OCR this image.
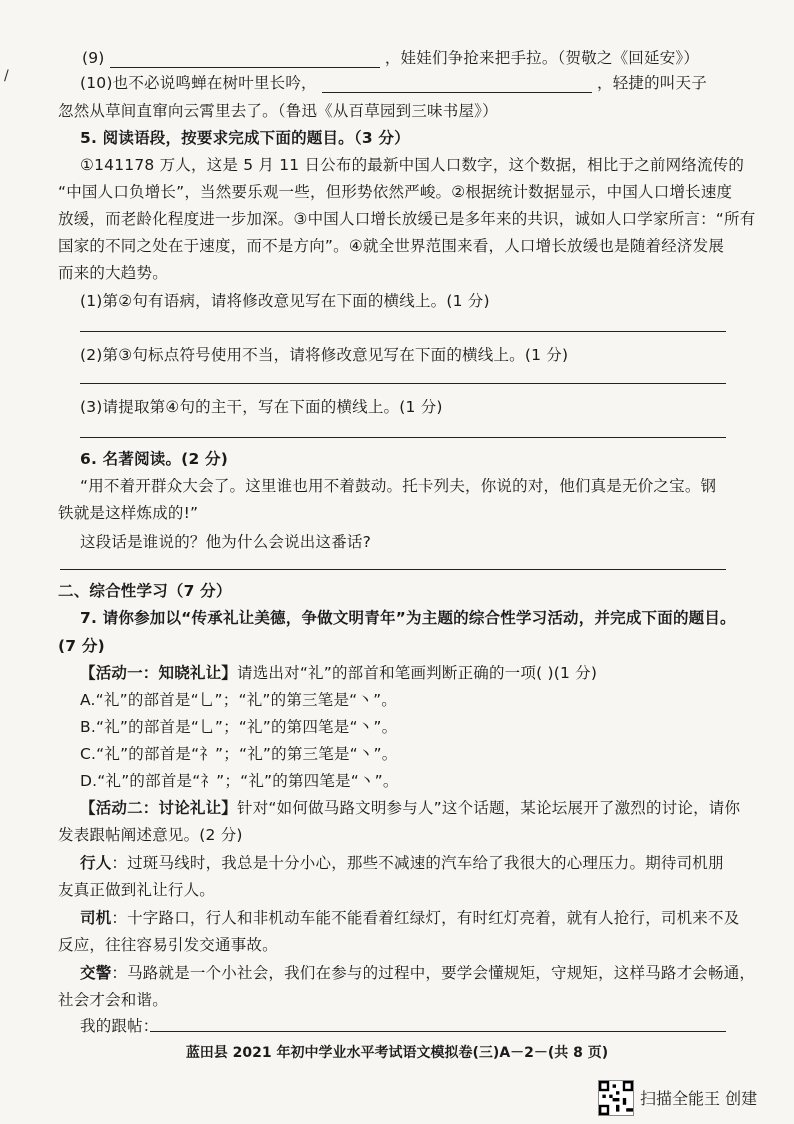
/
(9)	，娃娃们争抢来把手拉。（贺敬之《回延安》）
(10)也不必说鸣蝉在树叶里长吟，	，轻捷的叫天子
忽然从草间直窜向云霄里去了。（鲁迅《从百草园到三味书屋》）
5. 阅读语段，按要求完成下面的题目。（3 分）
①141178 万人，这是 5 月 11 日公布的最新中国人口数字，这个数据，相比于之前网络流传的
“中国人口负增长”，当然要乐观一些，但形势依然严峻。②根据统计数据显示，中国人口增长速度
放缓，而老龄化程度进一步加深。③中国人口增长放缓已是多年来的共识，诚如人口学家所言：“所有
国家的不同之处在于速度，而不是方向”。④就全世界范围来看，人口增长放缓也是随着经济发展
而来的大趋势。
(1)第②句有语病，请将修改意见写在下面的横线上。(1 分)
(2)第③句标点符号使用不当，请将修改意见写在下面的横线上。(1 分)
(3)请提取第④句的主干，写在下面的横线上。(1 分)
6. 名著阅读。(2 分)
“用不着开群众大会了。这里谁也用不着鼓动。托卡列夫，你说的对，他们真是无价之宝。钢
铁就是这样炼成的!”
这段话是谁说的？他为什么会说出这番话?
二、综合性学习（7 分）
7. 请你参加以“传承礼让美德，争做文明青年”为主题的综合性学习活动，并完成下面的题目。
(7 分)
【活动一：知晓礼让】请选出对“礼”的部首和笔画判断正确的一项( )(1 分)
A.“礼”的部首是“乚”；“礼”的第三笔是“丶”。
B.“礼”的部首是“乚”；“礼”的第四笔是“丶”。
C.“礼”的部首是“礻”；“礼”的第三笔是“丶”。
D.“礼”的部首是“礻”；“礼”的第四笔是“丶”。
【活动二：讨论礼让】针对“如何做马路文明参与人”这个话题，某论坛展开了激烈的讨论，请你
发表跟帖阐述意见。(2 分)
行人：过斑马线时，我总是十分小心，那些不减速的汽车给了我很大的心理压力。期待司机朋
友真正做到礼让行人。
司机：十字路口，行人和非机动车能不能看着红绿灯，有时红灯亮着，就有人抢行，司机来不及
反应，往往容易引发交通事故。
交警：马路就是一个小社会，我们在参与的过程中，要学会懂规矩，守规矩，这样马路才会畅通，
社会才会和谐。
我的跟帖：
蓝田县 2021 年初中学业水平考试语文模拟卷(三)A－2－(共 8 页)
扫描全能王 创建
